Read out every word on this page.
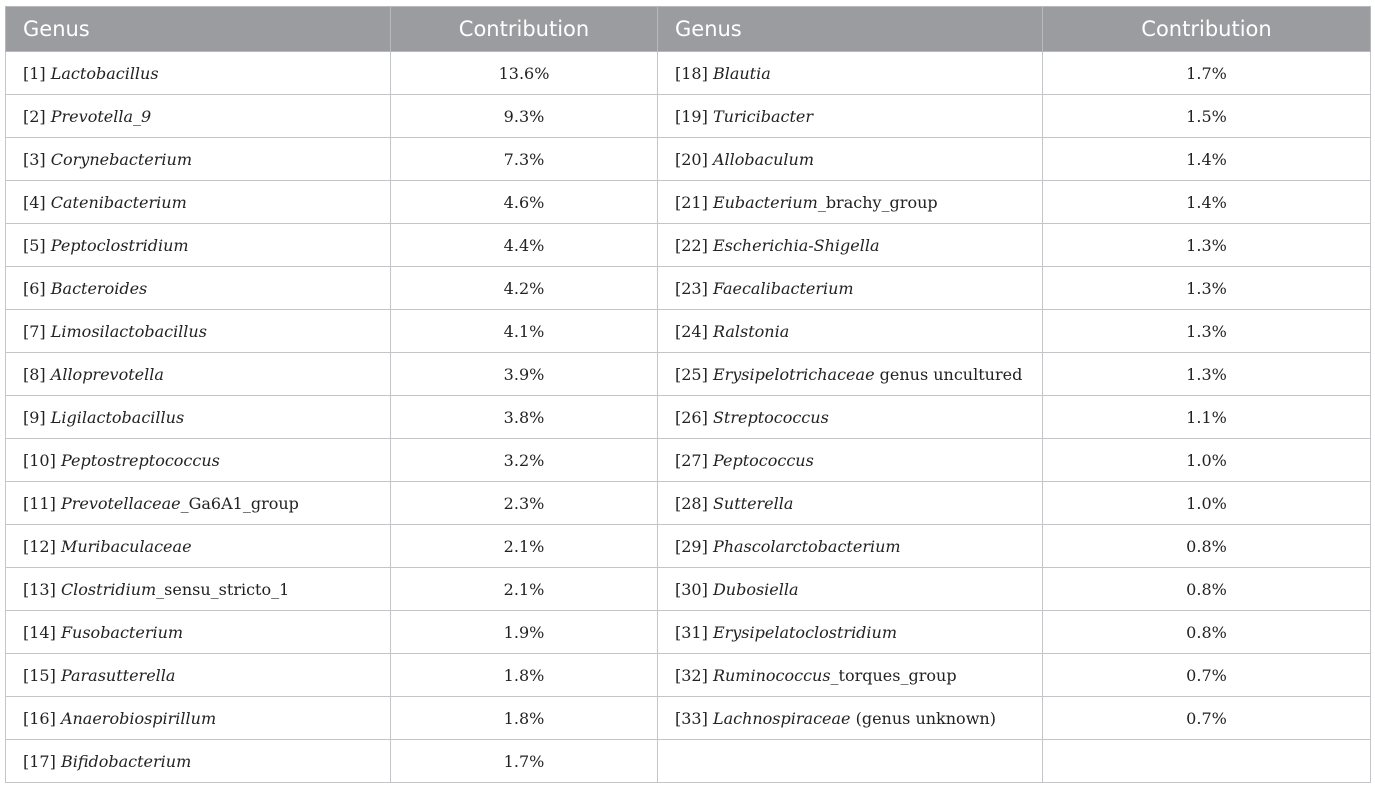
Genus	Contribution	Genus	Contribution
[1] Lactobacillus	13.6%	[18] Blautia	1.7%
[2] Prevotella_9	9.3%	[19] Turicibacter	1.5%
[3] Corynebacterium	7.3%	[20] Allobaculum	1.4%
[4] Catenibacterium	4.6%	[21] Eubacterium_brachy_group	1.4%
[5] Peptoclostridium	4.4%	[22] Escherichia-Shigella	1.3%
[6] Bacteroides	4.2%	[23] Faecalibacterium	1.3%
[7] Limosilactobacillus	4.1%	[24] Ralstonia	1.3%
[8] Alloprevotella	3.9%	[25] Erysipelotrichaceae genus uncultured	1.3%
[9] Ligilactobacillus	3.8%	[26] Streptococcus	1.1%
[10] Peptostreptococcus	3.2%	[27] Peptococcus	1.0%
[11] Prevotellaceae_Ga6A1_group	2.3%	[28] Sutterella	1.0%
[12] Muribaculaceae	2.1%	[29] Phascolarctobacterium	0.8%
[13] Clostridium_sensu_stricto_1	2.1%	[30] Dubosiella	0.8%
[14] Fusobacterium	1.9%	[31] Erysipelatoclostridium	0.8%
[15] Parasutterella	1.8%	[32] Ruminococcus_torques_group	0.7%
[16] Anaerobiospirillum	1.8%	[33] Lachnospiraceae (genus unknown)	0.7%
[17] Bifidobacterium	1.7%		
